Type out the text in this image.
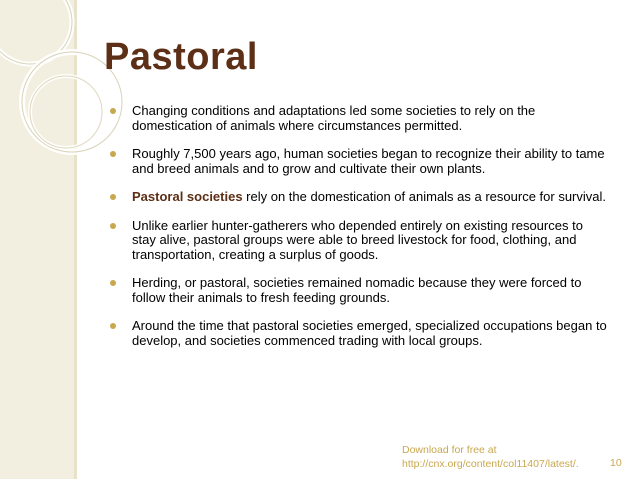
Pastoral
Changing conditions and adaptations led some societies to rely on the domestication of animals where circumstances permitted.
Roughly 7,500 years ago, human societies began to recognize their ability to tame and breed animals and to grow and cultivate their own plants.
Pastoral societies rely on the domestication of animals as a resource for survival.
Unlike earlier hunter-gatherers who depended entirely on existing resources to stay alive, pastoral groups were able to breed livestock for food, clothing, and transportation, creating a surplus of goods.
Herding, or pastoral, societies remained nomadic because they were forced to follow their animals to fresh feeding grounds.
Around the time that pastoral societies emerged, specialized occupations began to develop, and societies commenced trading with local groups.
Download for free at
http://cnx.org/content/col11407/latest/.	10
